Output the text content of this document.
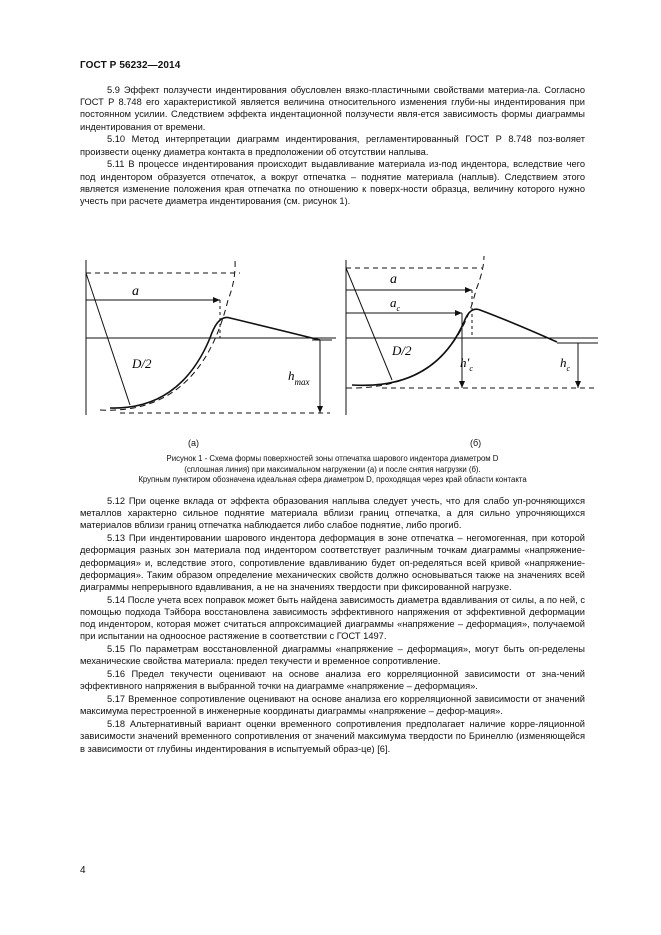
ГОСТ Р 56232—2014

5.9 Эффект ползучести индентирования обусловлен вязко-пластичными свойствами материа-ла. Согласно ГОСТ Р 8.748 его характеристикой является величина относительного изменения глуби-ны индентирования при постоянном усилии. Следствием эффекта индентационной ползучести явля-ется зависимость формы диаграммы индентирования от времени.

5.10 Метод интерпретации диаграмм индентирования, регламентированный ГОСТ Р 8.748 поз-воляет произвести оценку диаметра контакта в предположении об отсутствии наплыва.

5.11 В процессе индентирования происходит выдавливание материала из-под индентора, вследствие чего под индентором образуется отпечаток, а вокруг отпечатка – поднятие материала (наплыв). Следствием этого является изменение положения края отпечатка по отношению к поверх-ности образца, величину которого нужно учесть при расчете диаметра индентирования (см. рисунок 1).

a
D/2
$h_{max}$
a
$a_c$
D/2
$h'_c$	$h_c$
(а)	(б)
Рисунок 1 - Схема формы поверхностей зоны отпечатка шарового индентора диаметром D
(сплошная линия) при максимальном нагружении (а) и после снятия нагрузки (б).
Крупным пунктиром обозначена идеальная сфера диаметром D, проходящая через край области контакта

5.12 При оценке вклада от эффекта образования наплыва следует учесть, что для слабо уп-рочняющихся металлов характерно сильное поднятие материала вблизи границ отпечатка, а для сильно упрочняющихся материалов вблизи границ отпечатка наблюдается либо слабое поднятие, либо прогиб.

5.13 При индентировании шарового индентора деформация в зоне отпечатка – негомогенная, при которой деформация разных зон материала под индентором соответствует различным точкам диаграммы «напряжение-деформация» и, вследствие этого, сопротивление вдавливанию будет оп-ределяться всей кривой «напряжение-деформация». Таким образом определение механических свойств должно основываться также на значениях всей диаграммы непрерывного вдавливания, а не на значениях твердости при фиксированной нагрузке.

5.14 После учета всех поправок может быть найдена зависимость диаметра вдавливания от силы, а по ней, с помощью подхода Тэйбора восстановлена зависимость эффективного напряжения от эффективной деформации под индентором, которая может считаться аппроксимацией диаграммы «напряжение – деформация», получаемой при испытании на одноосное растяжение в соответствии с ГОСТ 1497.

5.15 По параметрам восстановленной диаграммы «напряжение – деформация», могут быть оп-ределены механические свойства материала: предел текучести и временное сопротивление.

5.16 Предел текучести оценивают на основе анализа его корреляционной зависимости от зна-чений эффективного напряжения в выбранной точки на диаграмме «напряжение – деформация».

5.17 Временное сопротивление оценивают на основе анализа его корреляционной зависимости от значений максимума перестроенной в инженерные координаты диаграммы «напряжение – дефор-мация».

5.18 Альтернативный вариант оценки временного сопротивления предполагает наличие корре-ляционной зависимости значений временного сопротивления от значений максимума твердости по Бринеллю (изменяющейся в зависимости от глубины индентирования в испытуемый образ-це) [6].

4
